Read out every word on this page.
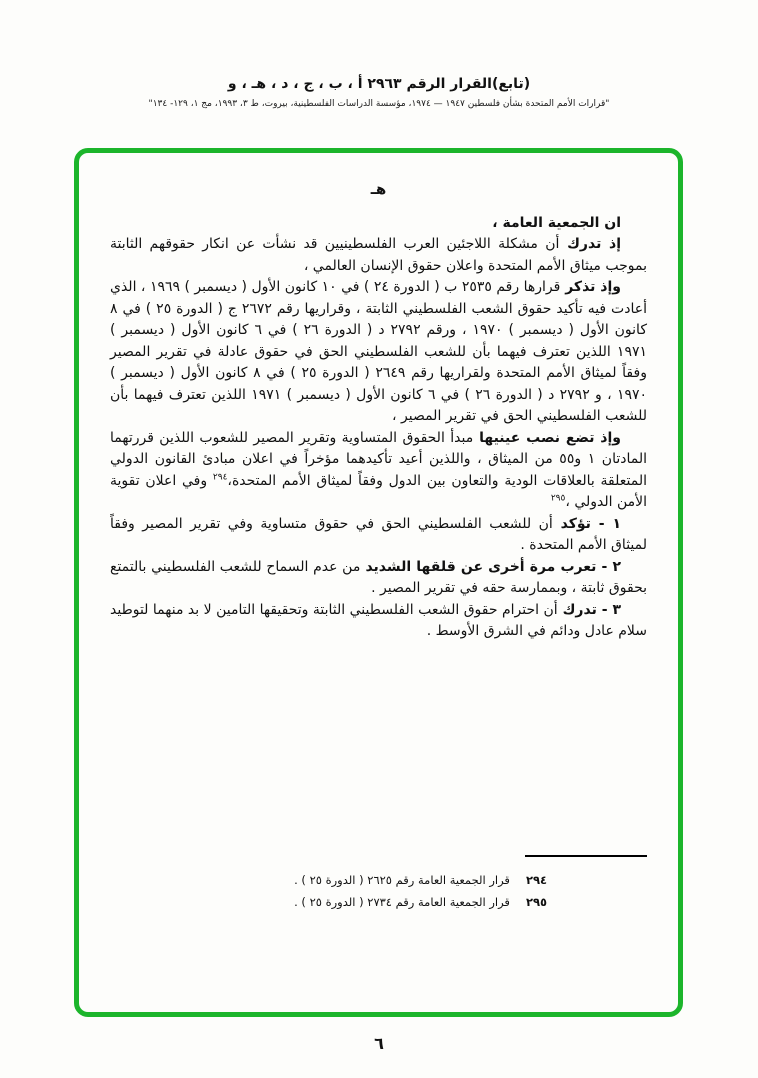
(تابع)القرار الرقم ٢٩٦٣ أ ، ب ، ج ، د ، هـ ، و
"قرارات الأمم المتحدة بشأن فلسطين ١٩٤٧ — ١٩٧٤، مؤسسة الدراسات الفلسطينية، بيروت، ط ٣، ١٩٩٣، مج ١، ١٢٩- ١٣٤"
هـ

ان الجمعية العامة ،

إذ تدرك أن مشكلة اللاجئين العرب الفلسطينيين قد نشأت عن انكار حقوقهم الثابتة بموجب ميثاق الأمم المتحدة واعلان حقوق الإنسان العالمي ،

وإذ تذكر قرارها رقم ٢٥٣٥ ب ( الدورة ٢٤ ) في ١٠ كانون الأول ( ديسمبر ) ١٩٦٩ ، الذي أعادت فيه تأكيد حقوق الشعب الفلسطيني الثابتة ، وقراريها رقم ٢٦٧٢ ج ( الدورة ٢٥ ) في ٨ كانون الأول ( ديسمبر ) ١٩٧٠ ، ورقم ٢٧٩٢ د ( الدورة ٢٦ ) في ٦ كانون الأول ( ديسمبر ) ١٩٧١ اللذين تعترف فيهما بأن للشعب الفلسطيني الحق في حقوق عادلة في تقرير المصير وفقاً لميثاق الأمم المتحدة ولقراريها رقم ٢٦٤٩ ( الدورة ٢٥ ) في ٨ كانون الأول ( ديسمبر ) ١٩٧٠ ، و ٢٧٩٢ د ( الدورة ٢٦ ) في ٦ كانون الأول ( ديسمبر ) ١٩٧١ اللذين تعترف فيهما بأن للشعب الفلسطيني الحق في تقرير المصير ،

وإذ تضع نصب عينيها مبدأ الحقوق المتساوية وتقرير المصير للشعوب اللذين قررتهما المادتان ١ و٥٥ من الميثاق ، واللذين أعيد تأكيدهما مؤخراً في اعلان مبادئ القانون الدولي المتعلقة بالعلاقات الودية والتعاون بين الدول وفقاً لميثاق الأمم المتحدة،$^{٢٩٤}$ وفي اعلان تقوية الأمن الدولي ،$^{٢٩٥}$

١ - تؤكد أن للشعب الفلسطيني الحق في حقوق متساوية وفي تقرير المصير وفقاً لميثاق الأمم المتحدة .

٢ - تعرب مرة أخرى عن قلقها الشديد من عدم السماح للشعب الفلسطيني بالتمتع بحقوق ثابتة ، وبممارسة حقه في تقرير المصير .

٣ - تدرك أن احترام حقوق الشعب الفلسطيني الثابتة وتحقيقها التامين لا بد منهما لتوطيد سلام عادل ودائم في الشرق الأوسط .

٢٩٤قرار الجمعية العامة رقم ٢٦٢٥ ( الدورة ٢٥ ) .
٢٩٥قرار الجمعية العامة رقم ٢٧٣٤ ( الدورة ٢٥ ) .
٦
